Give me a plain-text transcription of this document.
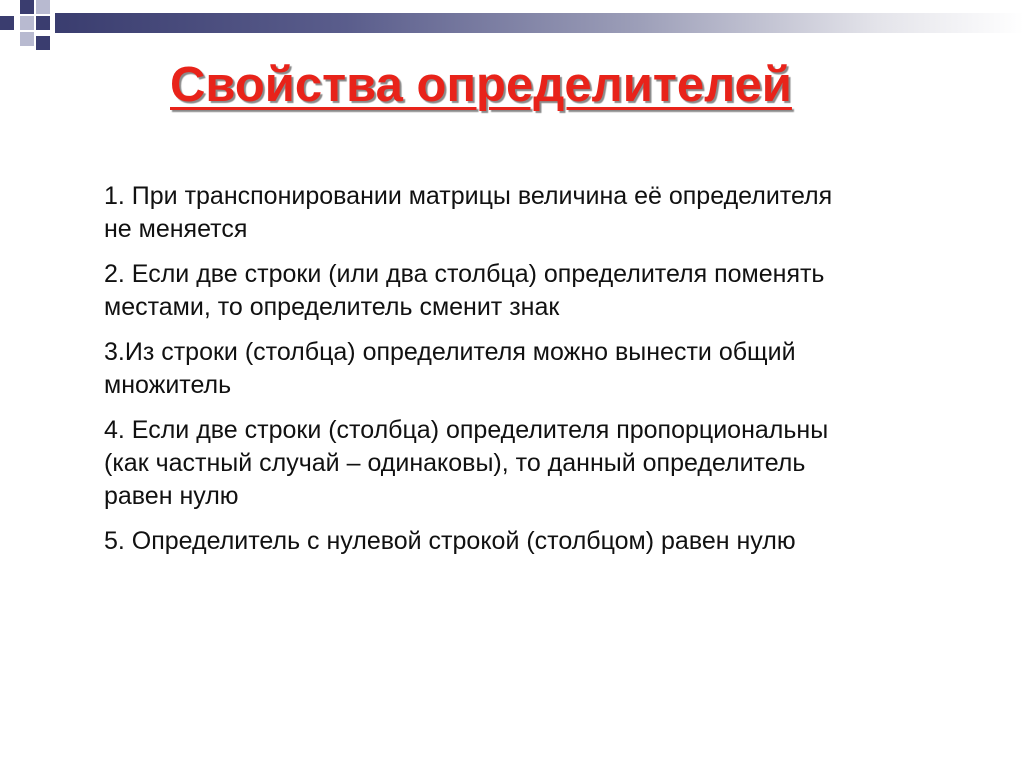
Свойства определителей

1. При транспонировании матрицы величина её определителя
не меняется

2. Если две строки (или два столбца) определителя поменять
местами, то определитель сменит знак

3.Из строки (столбца) определителя можно вынести общий
множитель

4. Если две строки (столбца) определителя пропорциональны
(как частный случай – одинаковы), то данный определитель
равен нулю

5. Определитель с нулевой строкой (столбцом) равен нулю
